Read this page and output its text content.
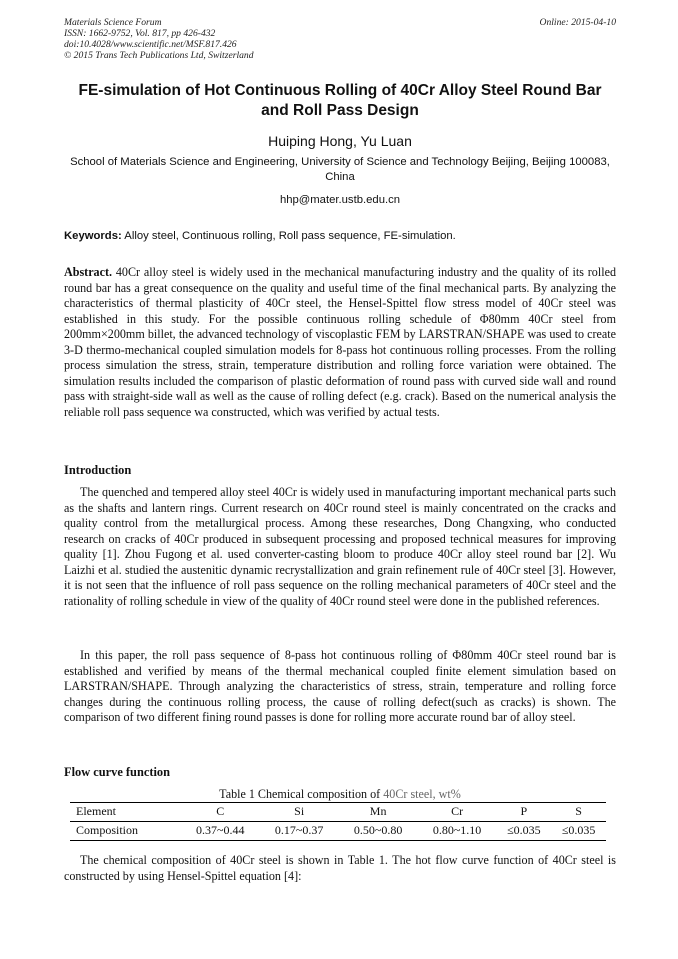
Materials Science Forum
ISSN: 1662-9752, Vol. 817, pp 426-432
doi:10.4028/www.scientific.net/MSF.817.426
© 2015 Trans Tech Publications Ltd, Switzerland
Online: 2015-04-10
FE-simulation of Hot Continuous Rolling of 40Cr Alloy Steel Round Bar and Roll Pass Design
Huiping Hong, Yu Luan
School of Materials Science and Engineering, University of Science and Technology Beijing, Beijing 100083, China
hhp@mater.ustb.edu.cn
Keywords: Alloy steel, Continuous rolling, Roll pass sequence, FE-simulation.
Abstract. 40Cr alloy steel is widely used in the mechanical manufacturing industry and the quality of its rolled round bar has a great consequence on the quality and useful time of the final mechanical parts. By analyzing the characteristics of thermal plasticity of 40Cr steel, the Hensel-Spittel flow stress model of 40Cr steel was established in this study. For the possible continuous rolling schedule of Φ80mm 40Cr steel from 200mm×200mm billet, the advanced technology of viscoplastic FEM by LARSTRAN/SHAPE was used to create 3-D thermo-mechanical coupled simulation models for 8-pass hot continuous rolling processes. From the rolling process simulation the stress, strain, temperature distribution and rolling force variation were obtained. The simulation results included the comparison of plastic deformation of round pass with curved side wall and round pass with straight-side wall as well as the cause of rolling defect (e.g. crack). Based on the numerical analysis the reliable roll pass sequence wa constructed, which was verified by actual tests.
Introduction
The quenched and tempered alloy steel 40Cr is widely used in manufacturing important mechanical parts such as the shafts and lantern rings. Current research on 40Cr round steel is mainly concentrated on the cracks and quality control from the metallurgical process. Among these researches, Dong Changxing, who conducted research on cracks of 40Cr produced in subsequent processing and proposed technical measures for improving quality [1]. Zhou Fugong et al. used converter-casting bloom to produce 40Cr alloy steel round bar [2]. Wu Laizhi et al. studied the austenitic dynamic recrystallization and grain refinement rule of 40Cr steel [3]. However, it is not seen that the influence of roll pass sequence on the rolling mechanical parameters of 40Cr steel and the rationality of rolling schedule in view of the quality of 40Cr round steel were done in the published references.
In this paper, the roll pass sequence of 8-pass hot continuous rolling of Φ80mm 40Cr steel round bar is established and verified by means of the thermal mechanical coupled finite element simulation based on LARSTRAN/SHAPE. Through analyzing the characteristics of stress, strain, temperature and rolling force changes during the continuous rolling process, the cause of rolling defect(such as cracks) is shown. The comparison of two different fining round passes is done for rolling more accurate round bar of alloy steel.
Flow curve function
Table 1 Chemical composition of 40Cr steel, wt%
Element	C	Si	Mn	Cr	P	S
Composition	0.37~0.44	0.17~0.37	0.50~0.80	0.80~1.10	≤0.035	≤0.035
The chemical composition of 40Cr steel is shown in Table 1. The hot flow curve function of 40Cr steel is constructed by using Hensel-Spittel equation [4]:
